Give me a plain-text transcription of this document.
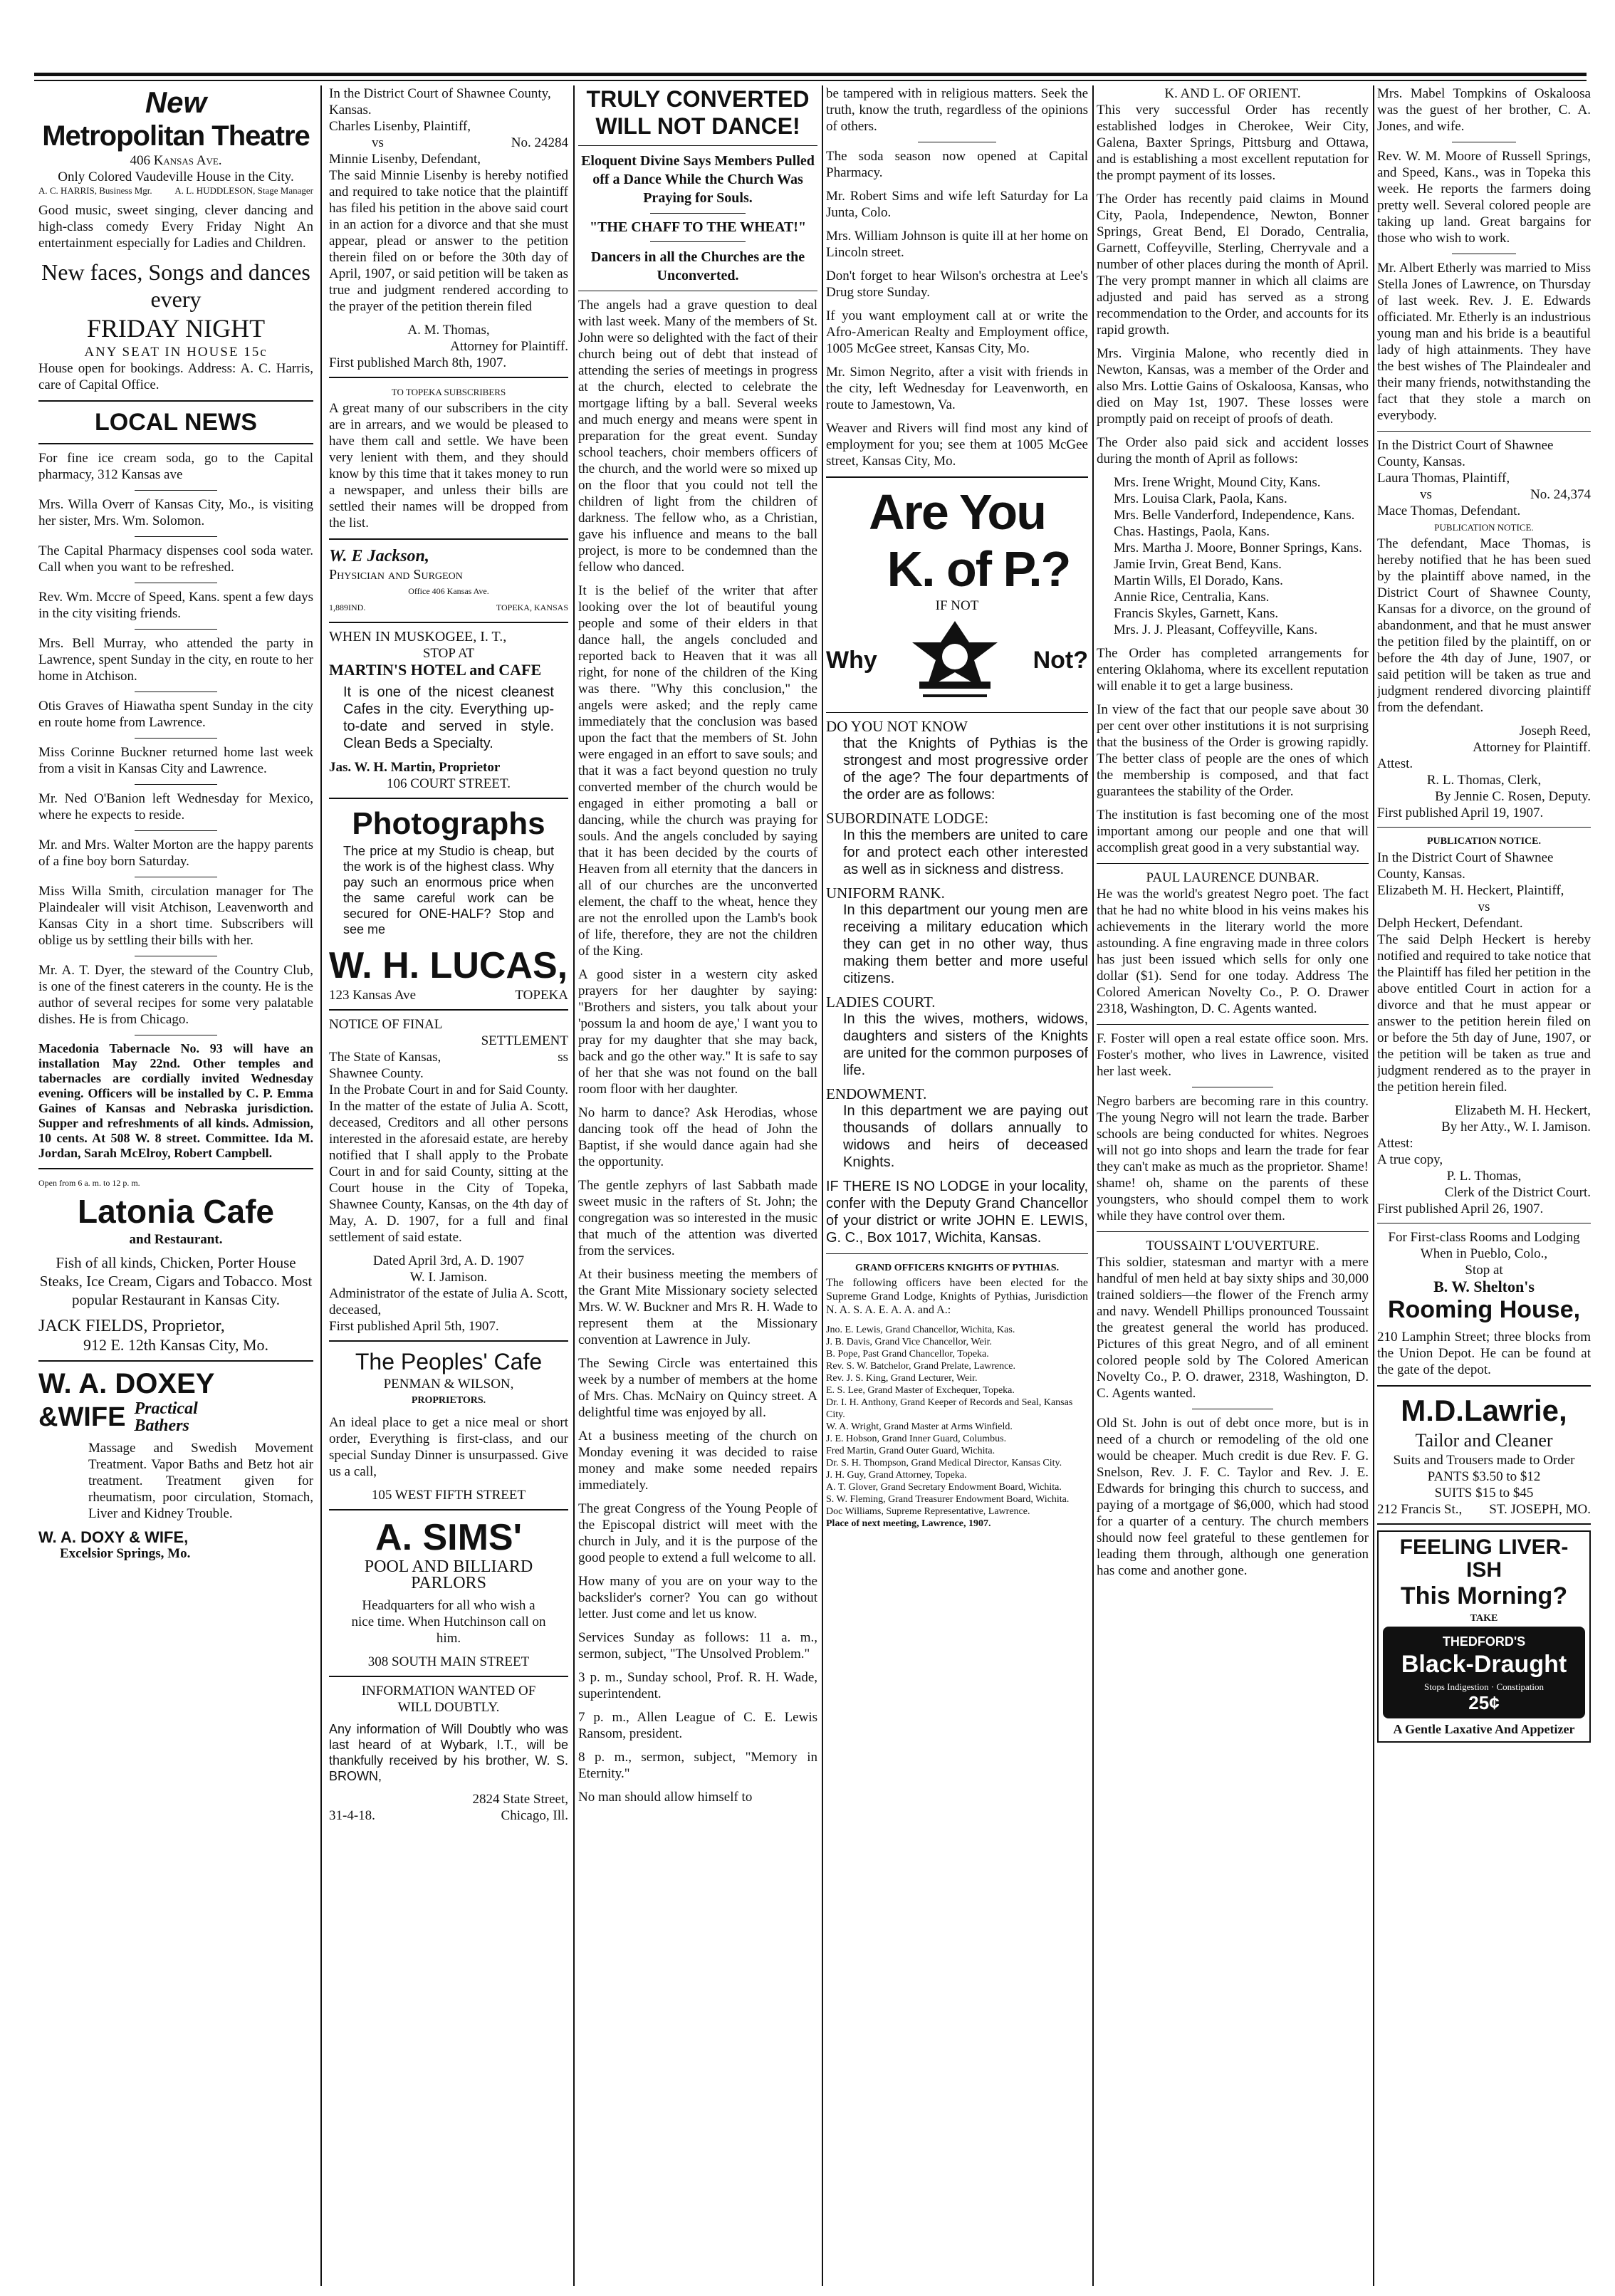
New
Metropolitan Theatre
406 Kansas Ave.
Only Colored Vaudeville House in the City.
A. C. HARRIS, Business Mgr. A. L. HUDDLESON, Stage Manager

Good music, sweet singing, clever dancing and high-class comedy Every Friday Night An entertainment especially for Ladies and Children.

New faces, Songs and dances every
FRIDAY NIGHT
ANY SEAT IN HOUSE 15c

House open for bookings. Address: A. C. Harris, care of Capital Office.

LOCAL NEWS

For fine ice cream soda, go to the Capital pharmacy, 312 Kansas ave

Mrs. Willa Overr of Kansas City, Mo., is visiting her sister, Mrs. Wm. Solomon.

The Capital Pharmacy dispenses cool soda water. Call when you want to be refreshed.

Rev. Wm. Mccre of Speed, Kans. spent a few days in the city visiting friends.

Mrs. Bell Murray, who attended the party in Lawrence, spent Sunday in the city, en route to her home in Atchison.

Otis Graves of Hiawatha spent Sunday in the city en route home from Lawrence.

Miss Corinne Buckner returned home last week from a visit in Kansas City and Lawrence.

Mr. Ned O'Banion left Wednesday for Mexico, where he expects to reside.

Mr. and Mrs. Walter Morton are the happy parents of a fine boy born Saturday.

Miss Willa Smith, circulation manager for The Plaindealer will visit Atchison, Leavenworth and Kansas City in a short time. Subscribers will oblige us by settling their bills with her.

Mr. A. T. Dyer, the steward of the Country Club, is one of the finest caterers in the county. He is the author of several recipes for some very palatable dishes. He is from Chicago.

Macedonia Tabernacle No. 93 will have an installation May 22nd. Other temples and tabernacles are cordially invited Wednesday evening. Officers will be installed by C. P. Emma Gaines of Kansas and Nebraska jurisdiction. Supper and refreshments of all kinds. Admission, 10 cents. At 508 W. 8 street. Committee. Ida M. Jordan, Sarah McElroy, Robert Campbell.

Open from 6 a. m. to 12 p. m.
Latonia Cafe
and Restaurant.

Fish of all kinds, Chicken, Porter House Steaks, Ice Cream, Cigars and Tobacco. Most popular Restaurant in Kansas City.

JACK FIELDS, Proprietor,
912 E. 12th Kansas City, Mo.
W. A. DOXEY
&WIFE Practical Bathers

Massage and Swedish Movement Treatment. Vapor Baths and Betz hot air treatment. Treatment given for rheumatism, poor circulation, Stomach, Liver and Kidney Trouble.

W. A. DOXY & WIFE,
Excelsior Springs, Mo.
In the District Court of Shawnee County, Kansas.
Charles Lisenby, Plaintiff,
vs	No. 24284
Minnie Lisenby, Defendant,

The said Minnie Lisenby is hereby notified and required to take notice that the plaintiff has filed his petition in the above said court in an action for a divorce and that she must appear, plead or answer to the petition therein filed on or before the 30th day of April, 1907, or said petition will be taken as true and judgment rendered according to the prayer of the petition therein filed

A. M. Thomas,
Attorney for Plaintiff.
First published March 8th, 1907.
TO TOPEKA SUBSCRIBERS

A great many of our subscribers in the city are in arrears, and we would be pleased to have them call and settle. We have been very lenient with them, and they should know by this time that it takes money to run a newspaper, and unless their bills are settled their names will be dropped from the list.

W. E Jackson,
Physician and Surgeon
Office 406 Kansas Ave.
1,889IND.	TOPEKA, KANSAS
WHEN IN MUSKOGEE, I. T.,
STOP AT
MARTIN'S HOTEL and CAFE

It is one of the nicest cleanest Cafes in the city. Everything up-to-date and served in style. Clean Beds a Specialty.

Jas. W. H. Martin, Proprietor
106 COURT STREET.
Photographs

The price at my Studio is cheap, but the work is of the highest class. Why pay such an enormous price when the same careful work can be secured for ONE-HALF? Stop and see me

W. H. LUCAS,
123 Kansas Ave	TOPEKA
NOTICE OF FINAL
SETTLEMENT
The State of Kansas,	ss
Shawnee County.

In the Probate Court in and for Said County. In the matter of the estate of Julia A. Scott, deceased, Creditors and all other persons interested in the aforesaid estate, are hereby notified that I shall apply to the Probate Court in and for said County, sitting at the Court house in the City of Topeka, Shawnee County, Kansas, on the 4th day of May, A. D. 1907, for a full and final settlement of said estate.

Dated April 3rd, A. D. 1907
W. I. Jamison.
Administrator of the estate of Julia A. Scott, deceased,
First published April 5th, 1907.
The Peoples' Cafe
PENMAN & WILSON,
PROPRIETORS.

An ideal place to get a nice meal or short order, Everything is first-class, and our special Sunday Dinner is unsurpassed. Give us a call,

105 WEST FIFTH STREET
A. SIMS'
POOL AND BILLIARD
PARLORS

Headquarters for all who wish a nice time. When Hutchinson call on him.

308 SOUTH MAIN STREET
INFORMATION WANTED OF
WILL DOUBTLY.

Any information of Will Doubtly who was last heard of at Wybark, I.T., will be thankfully received by his brother, W. S. BROWN,

2824 State Street,
31-4-18.	Chicago, Ill.
TRULY CONVERTED
WILL NOT DANCE!
Eloquent Divine Says Members Pulled off a Dance While the Church Was Praying for Souls.
"THE CHAFF TO THE WHEAT!"
Dancers in all the Churches are the Unconverted.

The angels had a grave question to deal with last week. Many of the members of St. John were so delighted with the fact of their church being out of debt that instead of attending the series of meetings in progress at the church, elected to celebrate the mortgage lifting by a ball. Several weeks and much energy and means were spent in preparation for the great event. Sunday school teachers, choir members officers of the church, and the world were so mixed up on the floor that you could not tell the children of light from the children of darkness. The fellow who, as a Christian, gave his influence and means to the ball project, is more to be condemned than the fellow who danced.

It is the belief of the writer that after looking over the lot of beautiful young people and some of their elders in that dance hall, the angels concluded and reported back to Heaven that it was all right, for none of the children of the King was there. "Why this conclusion," the angels were asked; and the reply came immediately that the conclusion was based upon the fact that the members of St. John were engaged in an effort to save souls; and that it was a fact beyond question no truly converted member of the church would be engaged in either promoting a ball or dancing, while the church was praying for souls. And the angels concluded by saying that it has been decided by the courts of Heaven from all eternity that the dancers in all of our churches are the unconverted element, the chaff to the wheat, hence they are not the enrolled upon the Lamb's book of life, therefore, they are not the children of the King.

A good sister in a western city asked prayers for her daughter by saying: "Brothers and sisters, you talk about your 'possum la and hoom de aye,' I want you to pray for my daughter that she may back, back and go the other way." It is safe to say of her that she was not found on the ball room floor with her daughter.

No harm to dance? Ask Herodias, whose dancing took off the head of John the Baptist, if she would dance again had she the opportunity.

The gentle zephyrs of last Sabbath made sweet music in the rafters of St. John; the congregation was so interested in the music that much of the attention was diverted from the services.

At their business meeting the members of the Grant Mite Missionary society selected Mrs. W. W. Buckner and Mrs R. H. Wade to represent them at the Missionary convention at Lawrence in July.

The Sewing Circle was entertained this week by a number of members at the home of Mrs. Chas. McNairy on Quincy street. A delightful time was enjoyed by all.

At a business meeting of the church on Monday evening it was decided to raise money and make some needed repairs immediately.

The great Congress of the Young People of the Episcopal district will meet with the church in July, and it is the purpose of the good people to extend a full welcome to all.

How many of you are on your way to the backslider's corner? You can go without letter. Just come and let us know.

Services Sunday as follows: 11 a. m., sermon, subject, "The Unsolved Problem."

3 p. m., Sunday school, Prof. R. H. Wade, superintendent.

7 p. m., Allen League of C. E. Lewis Ransom, president.

8 p. m., sermon, subject, "Memory in Eternity."

No man should allow himself to

be tampered with in religious matters. Seek the truth, know the truth, regardless of the opinions of others.

The soda season now opened at Capital Pharmacy.

Mr. Robert Sims and wife left Saturday for La Junta, Colo.

Mrs. William Johnson is quite ill at her home on Lincoln street.

Don't forget to hear Wilson's orchestra at Lee's Drug store Sunday.

If you want employment call at or write the Afro-American Realty and Employment office, 1005 McGee street, Kansas City, Mo.

Mr. Simon Negrito, after a visit with friends in the city, left Wednesday for Leavenworth, en route to Jamestown, Va.

Weaver and Rivers will find most any kind of employment for you; see them at 1005 McGee street, Kansas City, Mo.

Are You
K. of P.?
IF NOT
Why	Not?
DO YOU NOT KNOW

that the Knights of Pythias is the strongest and most progressive order of the age? The four departments of the order are as follows:

SUBORDINATE LODGE:

In this the members are united to care for and protect each other interested as well as in sickness and distress.

UNIFORM RANK.

In this department our young men are receiving a military education which they can get in no other way, thus making them better and more useful citizens.

LADIES COURT.

In this the wives, mothers, widows, daughters and sisters of the Knights are united for the common purposes of life.

ENDOWMENT.

In this department we are paying out thousands of dollars annually to widows and heirs of deceased Knights.

IF THERE IS NO LODGE in your locality, confer with the Deputy Grand Chancellor of your district or write JOHN E. LEWIS, G. C., Box 1017, Wichita, Kansas.

GRAND OFFICERS KNIGHTS OF PYTHIAS.

The following officers have been elected for the Supreme Grand Lodge, Knights of Pythias, Jurisdiction N. A. S. A. E. A. A. and A.:

Jno. E. Lewis, Grand Chancellor, Wichita, Kas.
J. B. Davis, Grand Vice Chancellor, Weir.
B. Pope, Past Grand Chancellor, Topeka.
Rev. S. W. Batchelor, Grand Prelate, Lawrence.
Rev. J. S. King, Grand Lecturer, Weir.
E. S. Lee, Grand Master of Exchequer, Topeka.
Dr. I. H. Anthony, Grand Keeper of Records and Seal, Kansas City.
W. A. Wright, Grand Master at Arms Winfield.
J. E. Hobson, Grand Inner Guard, Columbus.
Fred Martin, Grand Outer Guard, Wichita.
Dr. S. H. Thompson, Grand Medical Director, Kansas City.
J. H. Guy, Grand Attorney, Topeka.
A. T. Glover, Grand Secretary Endowment Board, Wichita.
S. W. Fleming, Grand Treasurer Endowment Board, Wichita.
Doc Williams, Supreme Representative, Lawrence.
Place of next meeting, Lawrence, 1907.
K. AND L. OF ORIENT.

This very successful Order has recently established lodges in Cherokee, Weir City, Galena, Baxter Springs, Pittsburg and Ottawa, and is establishing a most excellent reputation for the prompt payment of its losses.

The Order has recently paid claims in Mound City, Paola, Independence, Newton, Bonner Springs, Great Bend, El Dorado, Centralia, Garnett, Coffeyville, Sterling, Cherryvale and a number of other places during the month of April. The very prompt manner in which all claims are adjusted and paid has served as a strong recommendation to the Order, and accounts for its rapid growth.

Mrs. Virginia Malone, who recently died in Newton, Kansas, was a member of the Order and also Mrs. Lottie Gains of Oskaloosa, Kansas, who died on May 1st, 1907. These losses were promptly paid on receipt of proofs of death.

The Order also paid sick and accident losses during the month of April as follows:

Mrs. Irene Wright, Mound City, Kans.
Mrs. Louisa Clark, Paola, Kans.
Mrs. Belle Vanderford, Independence, Kans.
Chas. Hastings, Paola, Kans.
Mrs. Martha J. Moore, Bonner Springs, Kans.
Jamie Irvin, Great Bend, Kans.
Martin Wills, El Dorado, Kans.
Annie Rice, Centralia, Kans.
Francis Skyles, Garnett, Kans.
Mrs. J. J. Pleasant, Coffeyville, Kans.

The Order has completed arrangements for entering Oklahoma, where its excellent reputation will enable it to get a large business.

In view of the fact that our people save about 30 per cent over other institutions it is not surprising that the business of the Order is growing rapidly. The better class of people are the ones of which the membership is composed, and that fact guarantees the stability of the Order.

The institution is fast becoming one of the most important among our people and one that will accomplish great good in a very substantial way.

PAUL LAURENCE DUNBAR.

He was the world's greatest Negro poet. The fact that he had no white blood in his veins makes his achievements in the literary world the more astounding. A fine engraving made in three colors has just been issued which sells for only one dollar ($1). Send for one today. Address The Colored American Novelty Co., P. O. Drawer 2318, Washington, D. C. Agents wanted.

F. Foster will open a real estate office soon. Mrs. Foster's mother, who lives in Lawrence, visited her last week.

Negro barbers are becoming rare in this country. The young Negro will not learn the trade. Barber schools are being conducted for whites. Negroes will not go into shops and learn the trade for fear they can't make as much as the proprietor. Shame! shame! oh, shame on the parents of these youngsters, who should compel them to work while they have control over them.

TOUSSAINT L'OUVERTURE.

This soldier, statesman and martyr with a mere handful of men held at bay sixty ships and 30,000 trained soldiers—the flower of the French army and navy. Wendell Phillips pronounced Toussaint the greatest general the world has produced. Pictures of this great Negro, and of all eminent colored people sold by The Colored American Novelty Co., P. O. drawer, 2318, Washington, D. C. Agents wanted.

Old St. John is out of debt once more, but is in need of a church or remodeling of the old one would be cheaper. Much credit is due Rev. F. G. Snelson, Rev. J. F. C. Taylor and Rev. J. E. Edwards for bringing this church to success, and paying of a mortgage of $6,000, which had stood for a quarter of a century. The church members should now feel grateful to these gentlemen for leading them through, although one generation has come and another gone.

Mrs. Mabel Tompkins of Oskaloosa was the guest of her brother, C. A. Jones, and wife.

Rev. W. M. Moore of Russell Springs, and Speed, Kans., was in Topeka this week. He reports the farmers doing pretty well. Several colored people are taking up land. Great bargains for those who wish to work.

Mr. Albert Etherly was married to Miss Stella Jones of Lawrence, on Thursday of last week. Rev. J. E. Edwards officiated. Mr. Etherly is an industrious young man and his bride is a beautiful lady of high attainments. They have the best wishes of The Plaindealer and their many friends, notwithstanding the fact that they stole a march on everybody.

In the District Court of Shawnee County, Kansas.
Laura Thomas, Plaintiff,
vs	No. 24,374
Mace Thomas, Defendant.
PUBLICATION NOTICE.

The defendant, Mace Thomas, is hereby notified that he has been sued by the plaintiff above named, in the District Court of Shawnee County, Kansas for a divorce, on the ground of abandonment, and that he must answer the petition filed by the plaintiff, on or before the 4th day of June, 1907, or said petition will be taken as true and judgment rendered divorcing plaintiff from the defendant.

Joseph Reed,
Attorney for Plaintiff.
Attest.
R. L. Thomas, Clerk,
By Jennie C. Rosen, Deputy.
First published April 19, 1907.
PUBLICATION NOTICE.
In the District Court of Shawnee County, Kansas.
Elizabeth M. H. Heckert, Plaintiff,
vs
Delph Heckert, Defendant.

The said Delph Heckert is hereby notified and required to take notice that the Plaintiff has filed her petition in the above entitled Court in action for a divorce and that he must appear or answer to the petition herein filed on or before the 5th day of June, 1907, or the petition will be taken as true and judgment rendered as to the prayer in the petition herein filed.

Elizabeth M. H. Heckert,
By her Atty., W. I. Jamison.
Attest:
A true copy,
P. L. Thomas,
Clerk of the District Court.
First published April 26, 1907.
For First-class Rooms and Lodging When in Pueblo, Colo.,
Stop at
B. W. Shelton's
Rooming House,

210 Lamphin Street; three blocks from the Union Depot. He can be found at the gate of the depot.

M.D.Lawrie,
Tailor and Cleaner
Suits and Trousers made to Order
PANTS $3.50 to $12
SUITS $15 to $45
212 Francis St., ST. JOSEPH, MO.
FEELING LIVER-ISH
This Morning?
TAKE
THEDFORD'S
Black-Draught
Stops Indigestion · Constipation
25¢
A Gentle Laxative And Appetizer
